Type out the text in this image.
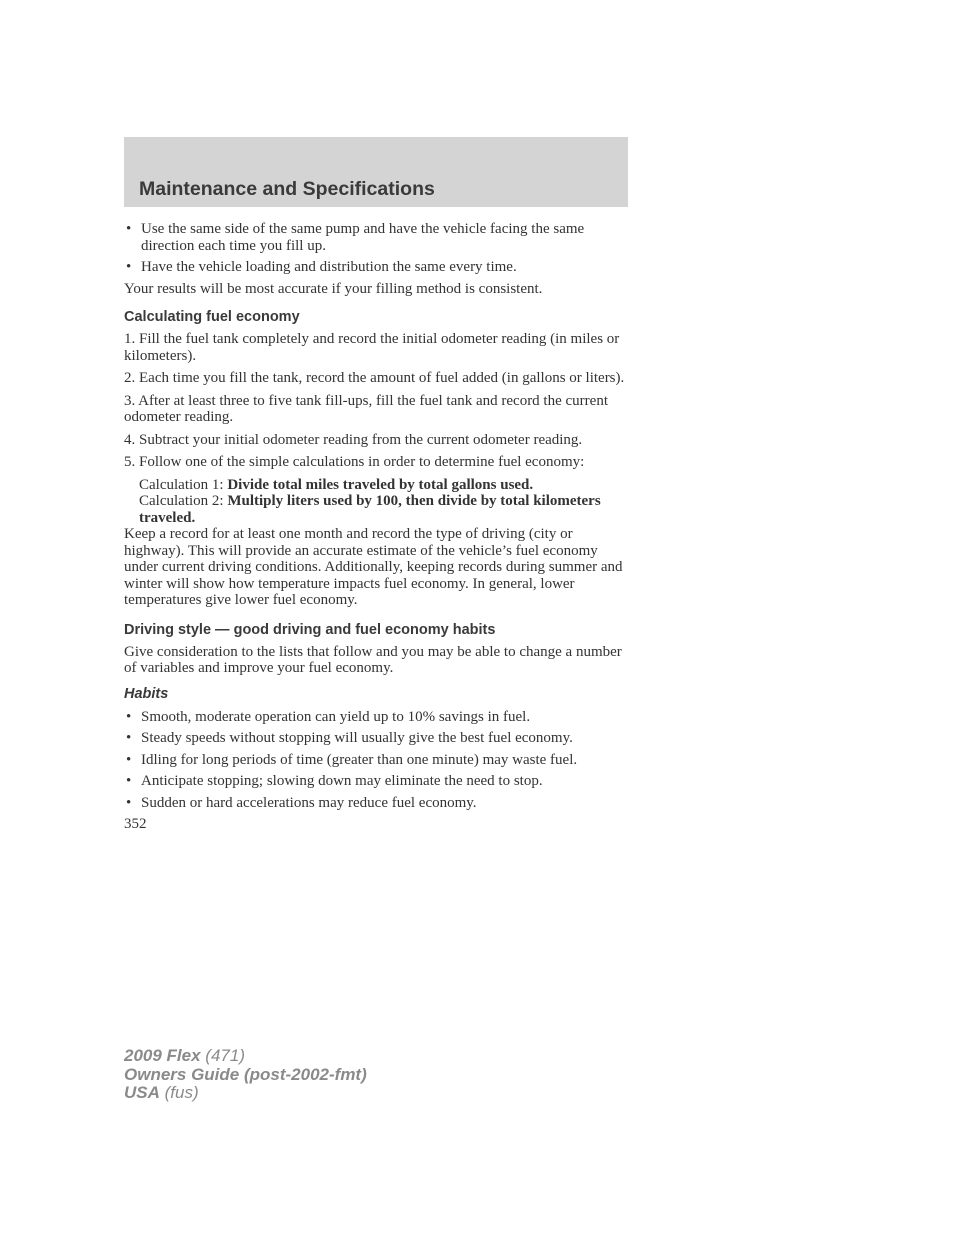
Maintenance and Specifications
• Use the same side of the same pump and have the vehicle facing the same direction each time you fill up.
• Have the vehicle loading and distribution the same every time.

Your results will be most accurate if your filling method is consistent.

Calculating fuel economy

1. Fill the fuel tank completely and record the initial odometer reading (in miles or kilometers).

2. Each time you fill the tank, record the amount of fuel added (in gallons or liters).

3. After at least three to five tank fill-ups, fill the fuel tank and record the current odometer reading.

4. Subtract your initial odometer reading from the current odometer reading.

5. Follow one of the simple calculations in order to determine fuel economy:

Calculation 1: Divide total miles traveled by total gallons used.

Calculation 2: Multiply liters used by 100, then divide by total kilometers traveled.

Keep a record for at least one month and record the type of driving (city or highway). This will provide an accurate estimate of the vehicle’s fuel economy under current driving conditions. Additionally, keeping records during summer and winter will show how temperature impacts fuel economy. In general, lower temperatures give lower fuel economy.

Driving style — good driving and fuel economy habits

Give consideration to the lists that follow and you may be able to change a number of variables and improve your fuel economy.

Habits
• Smooth, moderate operation can yield up to 10% savings in fuel.
• Steady speeds without stopping will usually give the best fuel economy.
• Idling for long periods of time (greater than one minute) may waste fuel.
• Anticipate stopping; slowing down may eliminate the need to stop.
• Sudden or hard accelerations may reduce fuel economy.

352

2009 Flex (471)
Owners Guide (post-2002-fmt)
USA (fus)
